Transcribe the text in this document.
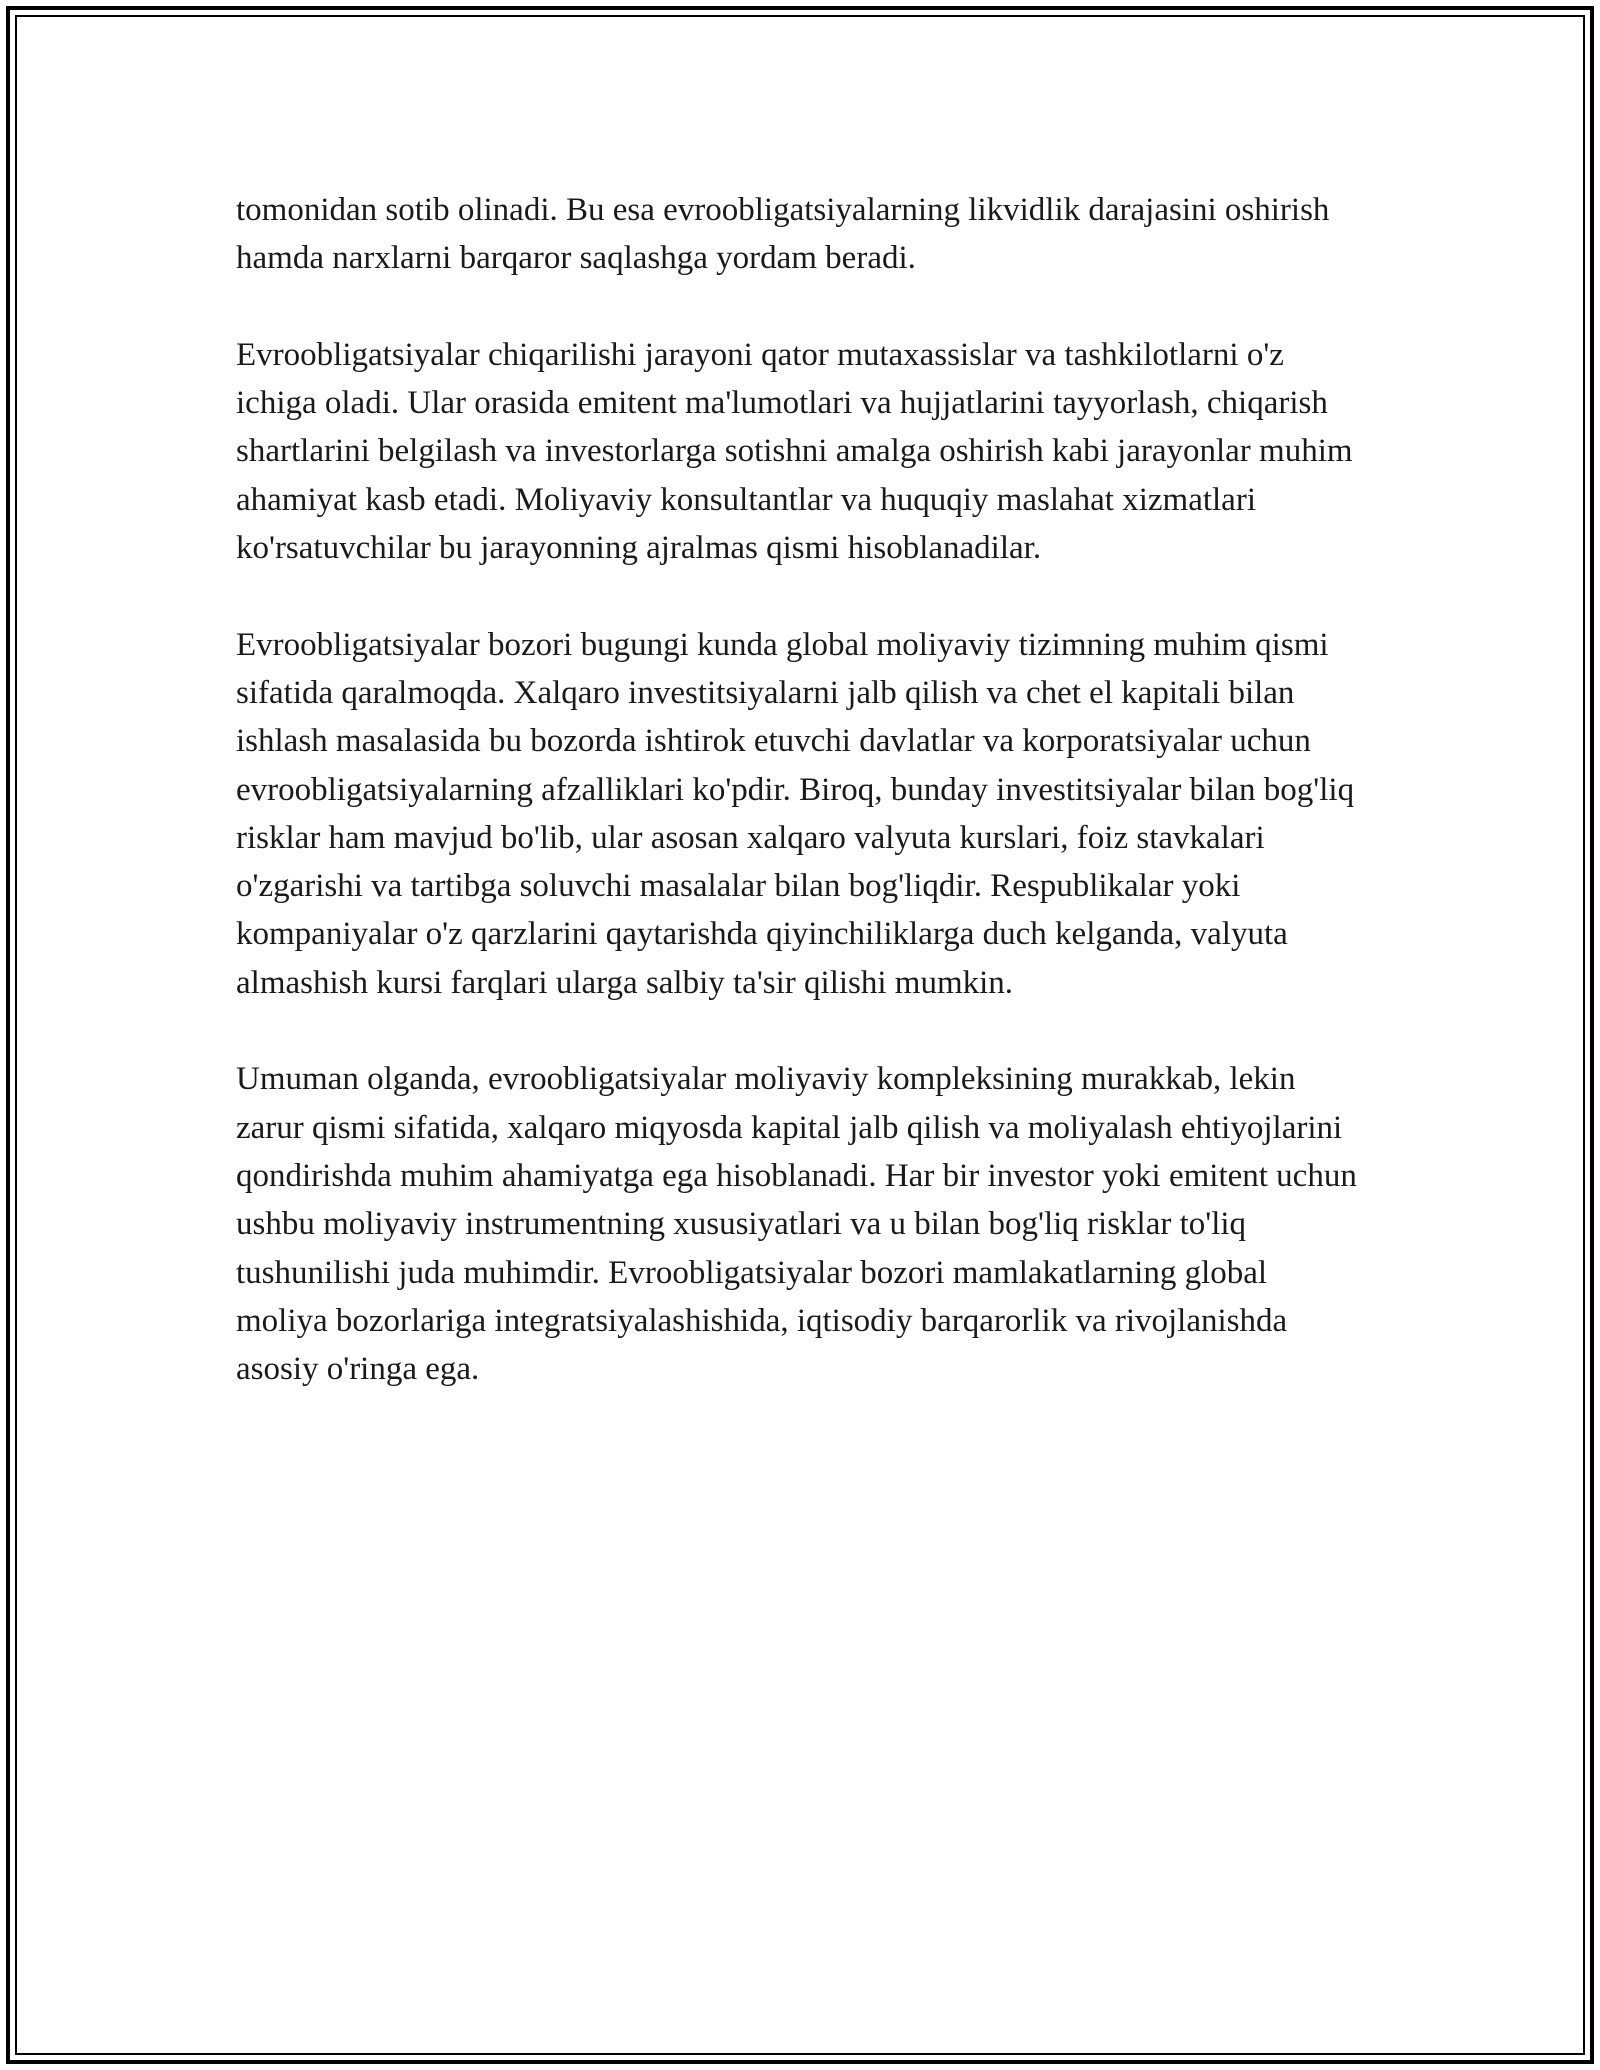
tomonidan sotib olinadi. Bu esa evroobligatsiyalarning likvidlik darajasini oshirish hamda narxlarni barqaror saqlashga yordam beradi.

Evroobligatsiyalar chiqarilishi jarayoni qator mutaxassislar va tashkilotlarni o'z ichiga oladi. Ular orasida emitent ma'lumotlari va hujjatlarini tayyorlash, chiqarish shartlarini belgilash va investorlarga sotishni amalga oshirish kabi jarayonlar muhim ahamiyat kasb etadi. Moliyaviy konsultantlar va huquqiy maslahat xizmatlari ko'rsatuvchilar bu jarayonning ajralmas qismi hisoblanadilar.

Evroobligatsiyalar bozori bugungi kunda global moliyaviy tizimning muhim qismi sifatida qaralmoqda. Xalqaro investitsiyalarni jalb qilish va chet el kapitali bilan ishlash masalasida bu bozorda ishtirok etuvchi davlatlar va korporatsiyalar uchun evroobligatsiyalarning afzalliklari ko'pdir. Biroq, bunday investitsiyalar bilan bog'liq risklar ham mavjud bo'lib, ular asosan xalqaro valyuta kurslari, foiz stavkalari o'zgarishi va tartibga soluvchi masalalar bilan bog'liqdir. Respublikalar yoki kompaniyalar o'z qarzlarini qaytarishda qiyinchiliklarga duch kelganda, valyuta almashish kursi farqlari ularga salbiy ta'sir qilishi mumkin.

Umuman olganda, evroobligatsiyalar moliyaviy kompleksining murakkab, lekin zarur qismi sifatida, xalqaro miqyosda kapital jalb qilish va moliyalash ehtiyojlarini qondirishda muhim ahamiyatga ega hisoblanadi. Har bir investor yoki emitent uchun ushbu moliyaviy instrumentning xususiyatlari va u bilan bog'liq risklar to'liq tushunilishi juda muhimdir. Evroobligatsiyalar bozori mamlakatlarning global moliya bozorlariga integratsiyalashishida, iqtisodiy barqarorlik va rivojlanishda asosiy o'ringa ega.
